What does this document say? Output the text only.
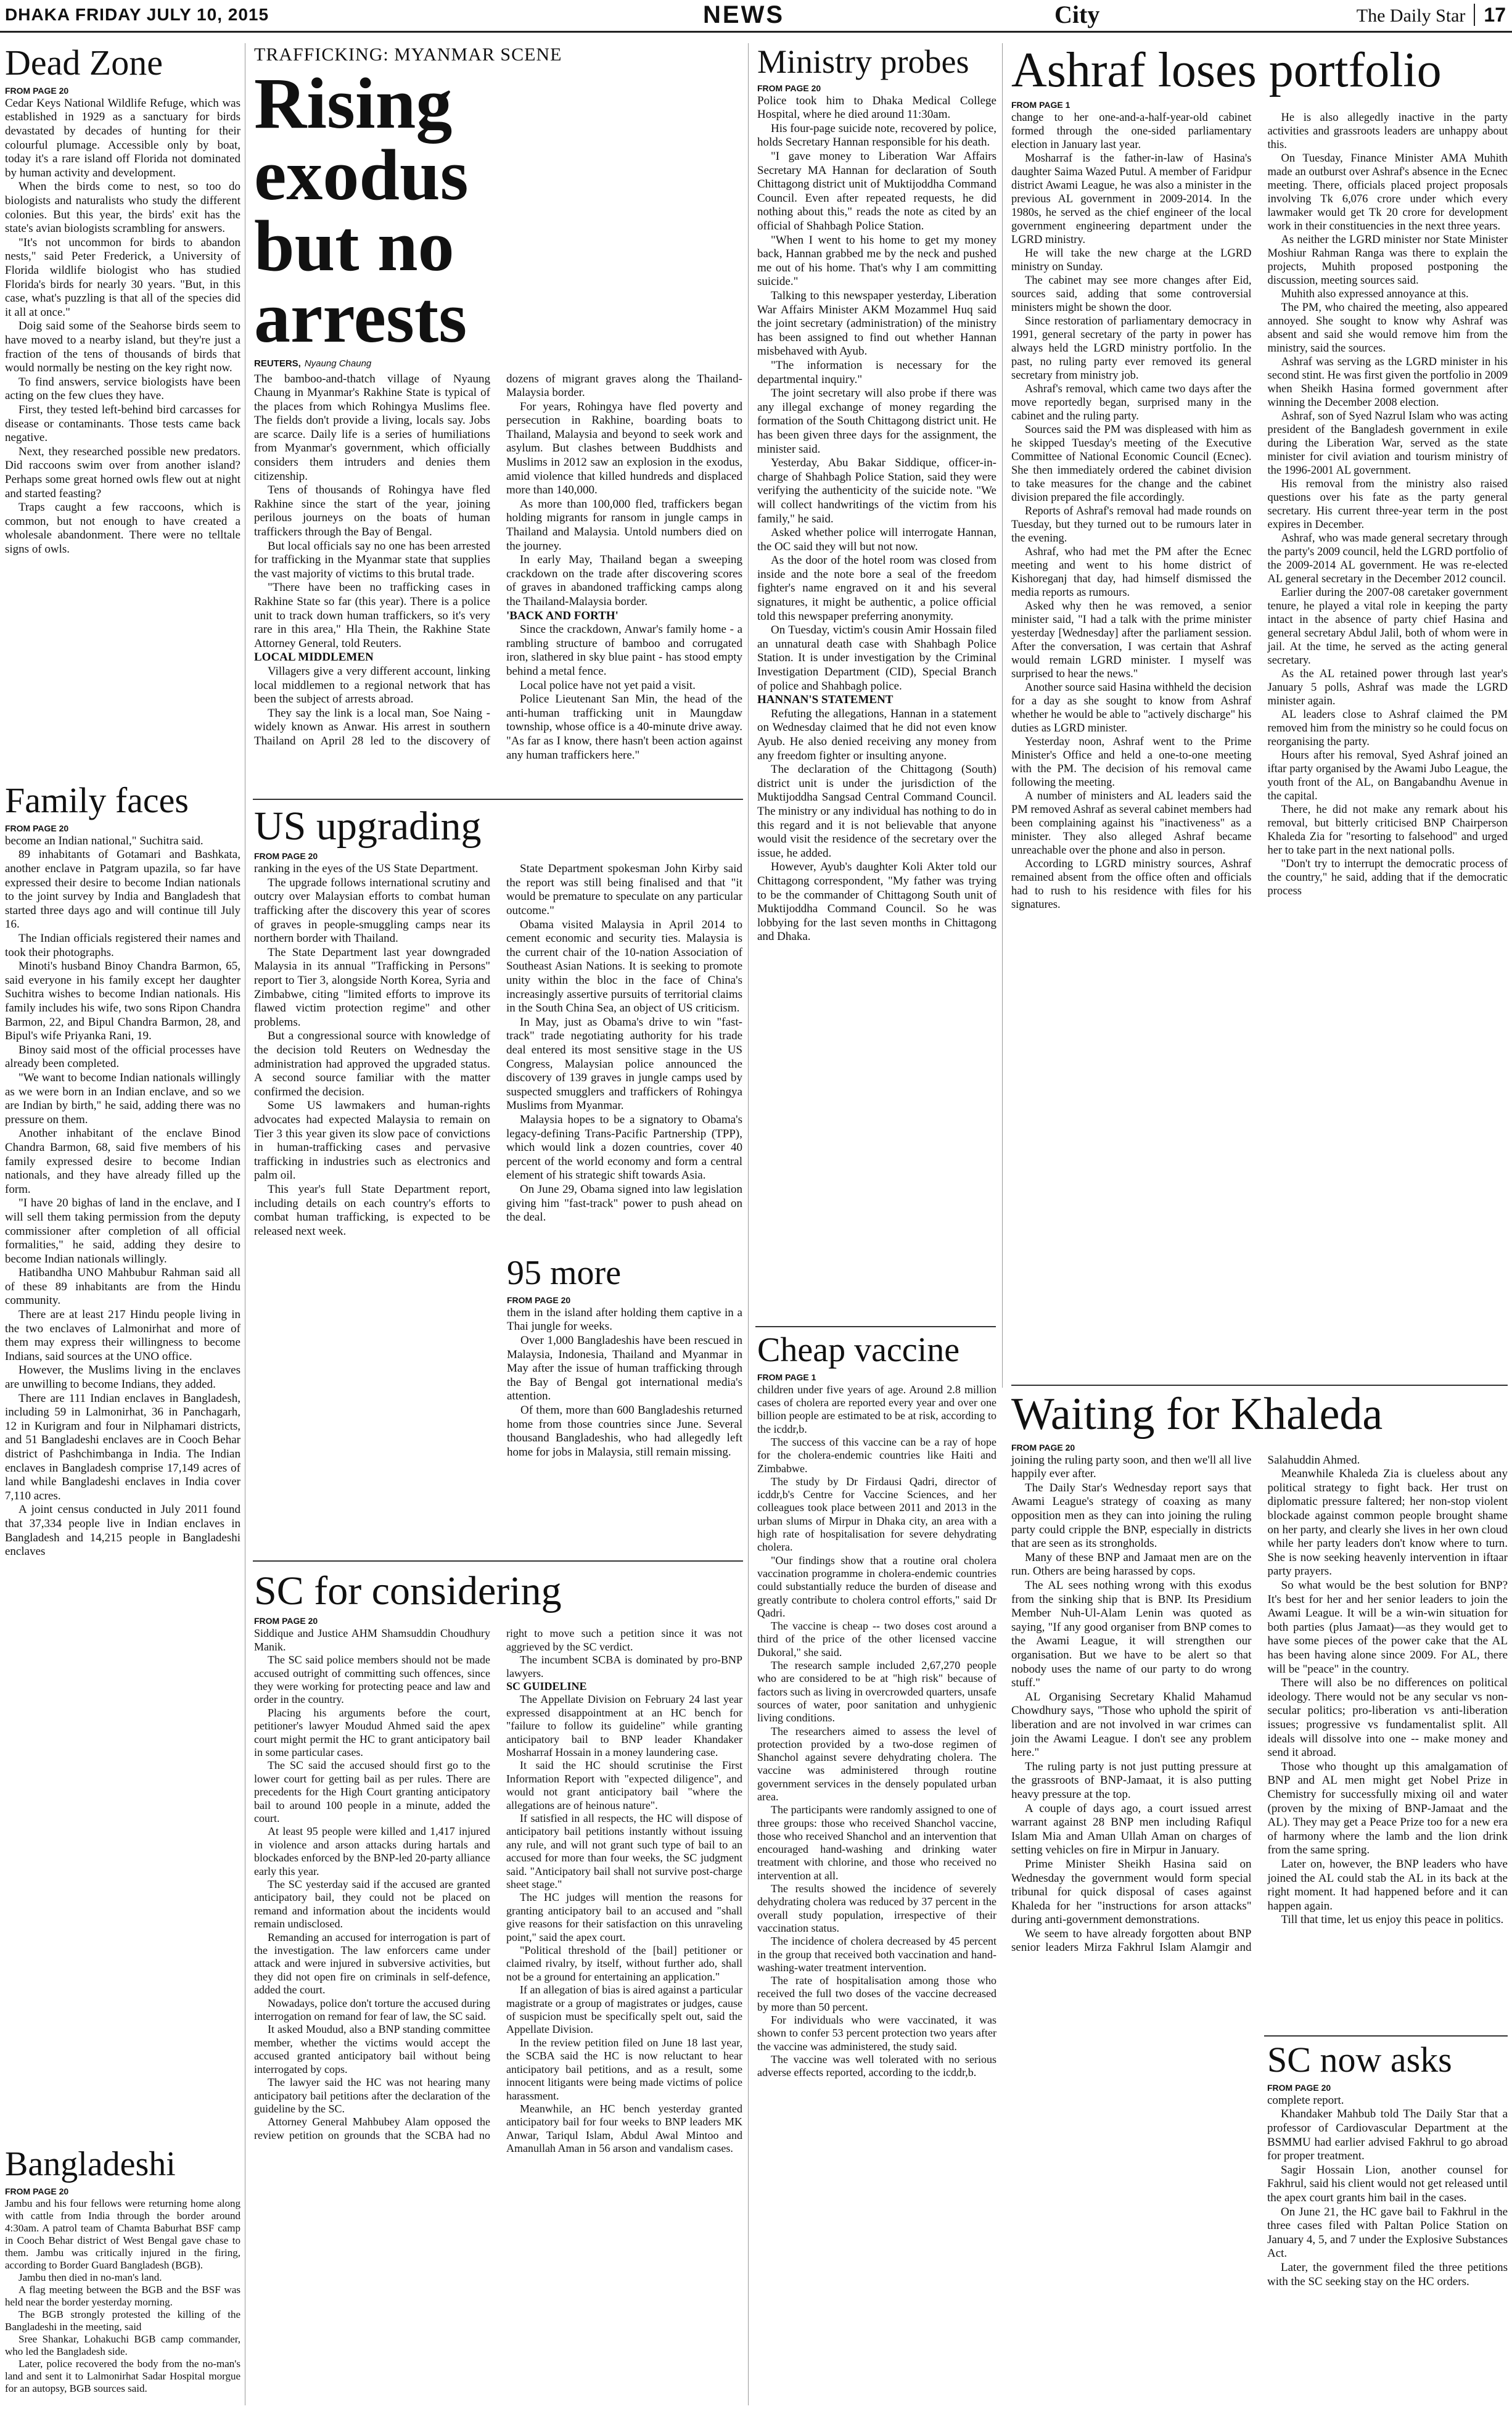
DHAKA FRIDAY JULY 10, 2015	NEWS	City	The Daily Star 17
Dead Zone
FROM PAGE 20

Cedar Keys National Wildlife Refuge, which was established in 1929 as a sanctuary for birds devastated by decades of hunting for their colourful plumage. Accessible only by boat, today it's a rare island off Florida not dominated by human activity and development.

When the birds come to nest, so too do biologists and naturalists who study the different colonies. But this year, the birds' exit has the state's avian biologists scrambling for answers.

"It's not uncommon for birds to abandon nests," said Peter Frederick, a University of Florida wildlife biologist who has studied Florida's birds for nearly 30 years. "But, in this case, what's puzzling is that all of the species did it all at once."

Doig said some of the Seahorse birds seem to have moved to a nearby island, but they're just a fraction of the tens of thousands of birds that would normally be nesting on the key right now.

To find answers, service biologists have been acting on the few clues they have.

First, they tested left-behind bird carcasses for disease or contaminants. Those tests came back negative.

Next, they researched possible new predators. Did raccoons swim over from another island? Perhaps some great horned owls flew out at night and started feasting?

Traps caught a few raccoons, which is common, but not enough to have created a wholesale abandonment. There were no telltale signs of owls.

Family faces
FROM PAGE 20

become an Indian national," Suchitra said.

89 inhabitants of Gotamari and Bashkata, another enclave in Patgram upazila, so far have expressed their desire to become Indian nationals to the joint survey by India and Bangladesh that started three days ago and will continue till July 16.

The Indian officials registered their names and took their photographs.

Minoti's husband Binoy Chandra Barmon, 65, said everyone in his family except her daughter Suchitra wishes to become Indian nationals. His family includes his wife, two sons Ripon Chandra Barmon, 22, and Bipul Chandra Barmon, 28, and Bipul's wife Priyanka Rani, 19.

Binoy said most of the official processes have already been completed.

"We want to become Indian nationals willingly as we were born in an Indian enclave, and so we are Indian by birth," he said, adding there was no pressure on them.

Another inhabitant of the enclave Binod Chandra Barmon, 68, said five members of his family expressed desire to become Indian nationals, and they have already filled up the form.

"I have 20 bighas of land in the enclave, and I will sell them taking permission from the deputy commissioner after completion of all official formalities," he said, adding they desire to become Indian nationals willingly.

Hatibandha UNO Mahbubur Rahman said all of these 89 inhabitants are from the Hindu community.

There are at least 217 Hindu people living in the two enclaves of Lalmonirhat and more of them may express their willingness to become Indians, said sources at the UNO office.

However, the Muslims living in the enclaves are unwilling to become Indians, they added.

There are 111 Indian enclaves in Bangladesh, including 59 in Lalmonirhat, 36 in Panchagarh, 12 in Kurigram and four in Nilphamari districts, and 51 Bangladeshi enclaves are in Cooch Behar district of Pashchimbanga in India. The Indian enclaves in Bangladesh comprise 17,149 acres of land while Bangladeshi enclaves in India cover 7,110 acres.

A joint census conducted in July 2011 found that 37,334 people live in Indian enclaves in Bangladesh and 14,215 people in Bangladeshi enclaves

Bangladeshi
FROM PAGE 20

Jambu and his four fellows were returning home along with cattle from India through the border around 4:30am. A patrol team of Chamta Baburhat BSF camp in Cooch Behar district of West Bengal gave chase to them. Jambu was critically injured in the firing, according to Border Guard Bangladesh (BGB).

Jambu then died in no-man's land.

A flag meeting between the BGB and the BSF was held near the border yesterday morning.

The BGB strongly protested the killing of the Bangladeshi in the meeting, said

Sree Shankar, Lohakuchi BGB camp commander, who led the Bangladesh side.

Later, police recovered the body from the no-man's land and sent it to Lalmonirhat Sadar Hospital morgue for an autopsy, BGB sources said.

TRAFFICKING: MYANMAR SCENE
Rising exodus but no arrests
REUTERS, Nyaung Chaung

The bamboo-and-thatch village of Nyaung Chaung in Myanmar's Rakhine State is typical of the places from which Rohingya Muslims flee. The fields don't provide a living, locals say. Jobs are scarce. Daily life is a series of humiliations from Myanmar's government, which officially considers them intruders and denies them citizenship.

Tens of thousands of Rohingya have fled Rakhine since the start of the year, joining perilous journeys on the boats of human traffickers through the Bay of Bengal.

But local officials say no one has been arrested for trafficking in the Myanmar state that supplies the vast majority of victims to this brutal trade.

"There have been no trafficking cases in Rakhine State so far (this year). There is a police unit to track down human traffickers, so it's very rare in this area," Hla Thein, the Rakhine State Attorney General, told Reuters.

LOCAL MIDDLEMEN

Villagers give a very different account, linking local middlemen to a regional network that has been the subject of arrests abroad.

They say the link is a local man, Soe Naing - widely known as Anwar. His arrest in southern Thailand on April 28 led to the discovery of dozens of migrant graves along the Thailand-Malaysia border.

For years, Rohingya have fled poverty and persecution in Rakhine, boarding boats to Thailand, Malaysia and beyond to seek work and asylum. But clashes between Buddhists and Muslims in 2012 saw an explosion in the exodus, amid violence that killed hundreds and displaced more than 140,000.

As more than 100,000 fled, traffickers began holding migrants for ransom in jungle camps in Thailand and Malaysia. Untold numbers died on the journey.

In early May, Thailand began a sweeping crackdown on the trade after discovering scores of graves in abandoned trafficking camps along the Thailand-Malaysia border.

'BACK AND FORTH'

Since the crackdown, Anwar's family home - a rambling structure of bamboo and corrugated iron, slathered in sky blue paint - has stood empty behind a metal fence.

Local police have not yet paid a visit.

Police Lieutenant San Min, the head of the anti-human trafficking unit in Maungdaw township, whose office is a 40-minute drive away. "As far as I know, there hasn't been action against any human traffickers here."

US upgrading
FROM PAGE 20

ranking in the eyes of the US State Department.

The upgrade follows international scrutiny and outcry over Malaysian efforts to combat human trafficking after the discovery this year of scores of graves in people-smuggling camps near its northern border with Thailand.

The State Department last year downgraded Malaysia in its annual "Trafficking in Persons" report to Tier 3, alongside North Korea, Syria and Zimbabwe, citing "limited efforts to improve its flawed victim protection regime" and other problems.

But a congressional source with knowledge of the decision told Reuters on Wednesday the administration had approved the upgraded status. A second source familiar with the matter confirmed the decision.

Some US lawmakers and human-rights advocates had expected Malaysia to remain on Tier 3 this year given its slow pace of convictions in human-trafficking cases and pervasive trafficking in industries such as electronics and palm oil.

This year's full State Department report, including details on each country's efforts to combat human trafficking, is expected to be released next week.

State Department spokesman John Kirby said the report was still being finalised and that "it would be premature to speculate on any particular outcome."

Obama visited Malaysia in April 2014 to cement economic and security ties. Malaysia is the current chair of the 10-nation Association of Southeast Asian Nations. It is seeking to promote unity within the bloc in the face of China's increasingly assertive pursuits of territorial claims in the South China Sea, an object of US criticism.

In May, just as Obama's drive to win "fast-track" trade negotiating authority for his trade deal entered its most sensitive stage in the US Congress, Malaysian police announced the discovery of 139 graves in jungle camps used by suspected smugglers and traffickers of Rohingya Muslims from Myanmar.

Malaysia hopes to be a signatory to Obama's legacy-defining Trans-Pacific Partnership (TPP), which would link a dozen countries, cover 40 percent of the world economy and form a central element of his strategic shift towards Asia.

On June 29, Obama signed into law legislation giving him "fast-track" power to push ahead on the deal.

95 more
FROM PAGE 20

them in the island after holding them captive in a Thai jungle for weeks.

Over 1,000 Bangladeshis have been rescued in Malaysia, Indonesia, Thailand and Myanmar in May after the issue of human trafficking through the Bay of Bengal got international media's attention.

Of them, more than 600 Bangladeshis returned home from those countries since June. Several thousand Bangladeshis, who had allegedly left home for jobs in Malaysia, still remain missing.

SC for considering
FROM PAGE 20

Siddique and Justice AHM Shamsuddin Choudhury Manik.

The SC said police members should not be made accused outright of committing such offences, since they were working for protecting peace and law and order in the country.

Placing his arguments before the court, petitioner's lawyer Moudud Ahmed said the apex court might permit the HC to grant anticipatory bail in some particular cases.

The SC said the accused should first go to the lower court for getting bail as per rules. There are precedents for the High Court granting anticipatory bail to around 100 people in a minute, added the court.

At least 95 people were killed and 1,417 injured in violence and arson attacks during hartals and blockades enforced by the BNP-led 20-party alliance early this year.

The SC yesterday said if the accused are granted anticipatory bail, they could not be placed on remand and information about the incidents would remain undisclosed.

Remanding an accused for interrogation is part of the investigation. The law enforcers came under attack and were injured in subversive activities, but they did not open fire on criminals in self-defence, added the court.

Nowadays, police don't torture the accused during interrogation on remand for fear of law, the SC said.

It asked Moudud, also a BNP standing committee member, whether the victims would accept the accused granted anticipatory bail without being interrogated by cops.

The lawyer said the HC was not hearing many anticipatory bail petitions after the declaration of the guideline by the SC.

Attorney General Mahbubey Alam opposed the review petition on grounds that the SCBA had no right to move such a petition since it was not aggrieved by the SC verdict.

The incumbent SCBA is dominated by pro-BNP lawyers.

SC GUIDELINE

The Appellate Division on February 24 last year expressed disappointment at an HC bench for "failure to follow its guideline" while granting anticipatory bail to BNP leader Khandaker Mosharraf Hossain in a money laundering case.

It said the HC should scrutinise the First Information Report with "expected diligence", and would not grant anticipatory bail "where the allegations are of heinous nature".

If satisfied in all respects, the HC will dispose of anticipatory bail petitions instantly without issuing any rule, and will not grant such type of bail to an accused for more than four weeks, the SC judgment said. "Anticipatory bail shall not survive post-charge sheet stage."

The HC judges will mention the reasons for granting anticipatory bail to an accused and "shall give reasons for their satisfaction on this unraveling point," said the apex court.

"Political threshold of the [bail] petitioner or claimed rivalry, by itself, without further ado, shall not be a ground for entertaining an application."

If an allegation of bias is aired against a particular magistrate or a group of magistrates or judges, cause of suspicion must be specifically spelt out, said the Appellate Division.

In the review petition filed on June 18 last year, the SCBA said the HC is now reluctant to hear anticipatory bail petitions, and as a result, some innocent litigants were being made victims of police harassment.

Meanwhile, an HC bench yesterday granted anticipatory bail for four weeks to BNP leaders MK Anwar, Tariqul Islam, Abdul Awal Mintoo and Amanullah Aman in 56 arson and vandalism cases.

Ministry probes
FROM PAGE 20

Police took him to Dhaka Medical College Hospital, where he died around 11:30am.

His four-page suicide note, recovered by police, holds Secretary Hannan responsible for his death.

"I gave money to Liberation War Affairs Secretary MA Hannan for declaration of South Chittagong district unit of Muktijoddha Command Council. Even after repeated requests, he did nothing about this," reads the note as cited by an official of Shahbagh Police Station.

"When I went to his home to get my money back, Hannan grabbed me by the neck and pushed me out of his home. That's why I am committing suicide."

Talking to this newspaper yesterday, Liberation War Affairs Minister AKM Mozammel Huq said the joint secretary (administration) of the ministry has been assigned to find out whether Hannan misbehaved with Ayub.

"The information is necessary for the departmental inquiry."

The joint secretary will also probe if there was any illegal exchange of money regarding the formation of the South Chittagong district unit. He has been given three days for the assignment, the minister said.

Yesterday, Abu Bakar Siddique, officer-in-charge of Shahbagh Police Station, said they were verifying the authenticity of the suicide note. "We will collect handwritings of the victim from his family," he said.

Asked whether police will interrogate Hannan, the OC said they will but not now.

As the door of the hotel room was closed from inside and the note bore a seal of the freedom fighter's name engraved on it and his several signatures, it might be authentic, a police official told this newspaper preferring anonymity.

On Tuesday, victim's cousin Amir Hossain filed an unnatural death case with Shahbagh Police Station. It is under investigation by the Criminal Investigation Department (CID), Special Branch of police and Shahbagh police.

HANNAN'S STATEMENT

Refuting the allegations, Hannan in a statement on Wednesday claimed that he did not even know Ayub. He also denied receiving any money from any freedom fighter or insulting anyone.

The declaration of the Chittagong (South) district unit is under the jurisdiction of the Muktijoddha Sangsad Central Command Council. The ministry or any individual has nothing to do in this regard and it is not believable that anyone would visit the residence of the secretary over the issue, he added.

However, Ayub's daughter Koli Akter told our Chittagong correspondent, "My father was trying to be the commander of Chittagong South unit of Muktijoddha Command Council. So he was lobbying for the last seven months in Chittagong and Dhaka.

Cheap vaccine
FROM PAGE 1

children under five years of age. Around 2.8 million cases of cholera are reported every year and over one billion people are estimated to be at risk, according to the icddr,b.

The success of this vaccine can be a ray of hope for the cholera-endemic countries like Haiti and Zimbabwe.

The study by Dr Firdausi Qadri, director of icddr,b's Centre for Vaccine Sciences, and her colleagues took place between 2011 and 2013 in the urban slums of Mirpur in Dhaka city, an area with a high rate of hospitalisation for severe dehydrating cholera.

"Our findings show that a routine oral cholera vaccination programme in cholera-endemic countries could substantially reduce the burden of disease and greatly contribute to cholera control efforts," said Dr Qadri.

The vaccine is cheap -- two doses cost around a third of the price of the other licensed vaccine Dukoral," she said.

The research sample included 2,67,270 people who are considered to be at "high risk" because of factors such as living in overcrowded quarters, unsafe sources of water, poor sanitation and unhygienic living conditions.

The researchers aimed to assess the level of protection provided by a two-dose regimen of Shanchol against severe dehydrating cholera. The vaccine was administered through routine government services in the densely populated urban area.

The participants were randomly assigned to one of three groups: those who received Shanchol vaccine, those who received Shanchol and an intervention that encouraged hand-washing and drinking water treatment with chlorine, and those who received no intervention at all.

The results showed the incidence of severely dehydrating cholera was reduced by 37 percent in the overall study population, irrespective of their vaccination status.

The incidence of cholera decreased by 45 percent in the group that received both vaccination and hand-washing-water treatment intervention.

The rate of hospitalisation among those who received the full two doses of the vaccine decreased by more than 50 percent.

For individuals who were vaccinated, it was shown to confer 53 percent protection two years after the vaccine was administered, the study said.

The vaccine was well tolerated with no serious adverse effects reported, according to the icddr,b.

Ashraf loses portfolio
FROM PAGE 1

change to her one-and-a-half-year-old cabinet formed through the one-sided parliamentary election in January last year.

Mosharraf is the father-in-law of Hasina's daughter Saima Wazed Putul. A member of Faridpur district Awami League, he was also a minister in the previous AL government in 2009-2014. In the 1980s, he served as the chief engineer of the local government engineering department under the LGRD ministry.

He will take the new charge at the LGRD ministry on Sunday.

The cabinet may see more changes after Eid, sources said, adding that some controversial ministers might be shown the door.

Since restoration of parliamentary democracy in 1991, general secretary of the party in power has always held the LGRD ministry portfolio. In the past, no ruling party ever removed its general secretary from ministry job.

Ashraf's removal, which came two days after the move reportedly began, surprised many in the cabinet and the ruling party.

Sources said the PM was displeased with him as he skipped Tuesday's meeting of the Executive Committee of National Economic Council (Ecnec). She then immediately ordered the cabinet division to take measures for the change and the cabinet division prepared the file accordingly.

Reports of Ashraf's removal had made rounds on Tuesday, but they turned out to be rumours later in the evening.

Ashraf, who had met the PM after the Ecnec meeting and went to his home district of Kishoreganj that day, had himself dismissed the media reports as rumours.

Asked why then he was removed, a senior minister said, "I had a talk with the prime minister yesterday [Wednesday] after the parliament session. After the conversation, I was certain that Ashraf would remain LGRD minister. I myself was surprised to hear the news."

Another source said Hasina withheld the decision for a day as she sought to know from Ashraf whether he would be able to "actively discharge" his duties as LGRD minister.

Yesterday noon, Ashraf went to the Prime Minister's Office and held a one-to-one meeting with the PM. The decision of his removal came following the meeting.

A number of ministers and AL leaders said the PM removed Ashraf as several cabinet members had been complaining against his "inactiveness" as a minister. They also alleged Ashraf became unreachable over the phone and also in person.

According to LGRD ministry sources, Ashraf remained absent from the office often and officials had to rush to his residence with files for his signatures.

He is also allegedly inactive in the party activities and grassroots leaders are unhappy about this.

On Tuesday, Finance Minister AMA Muhith made an outburst over Ashraf's absence in the Ecnec meeting. There, officials placed project proposals involving Tk 6,076 crore under which every lawmaker would get Tk 20 crore for development work in their constituencies in the next three years.

As neither the LGRD minister nor State Minister Moshiur Rahman Ranga was there to explain the projects, Muhith proposed postponing the discussion, meeting sources said.

Muhith also expressed annoyance at this.

The PM, who chaired the meeting, also appeared annoyed. She sought to know why Ashraf was absent and said she would remove him from the ministry, said the sources.

Ashraf was serving as the LGRD minister in his second stint. He was first given the portfolio in 2009 when Sheikh Hasina formed government after winning the December 2008 election.

Ashraf, son of Syed Nazrul Islam who was acting president of the Bangladesh government in exile during the Liberation War, served as the state minister for civil aviation and tourism ministry of the 1996-2001 AL government.

His removal from the ministry also raised questions over his fate as the party general secretary. His current three-year term in the post expires in December.

Ashraf, who was made general secretary through the party's 2009 council, held the LGRD portfolio of the 2009-2014 AL government. He was re-elected AL general secretary in the December 2012 council.

Earlier during the 2007-08 caretaker government tenure, he played a vital role in keeping the party intact in the absence of party chief Hasina and general secretary Abdul Jalil, both of whom were in jail. At the time, he served as the acting general secretary.

As the AL retained power through last year's January 5 polls, Ashraf was made the LGRD minister again.

AL leaders close to Ashraf claimed the PM removed him from the ministry so he could focus on reorganising the party.

Hours after his removal, Syed Ashraf joined an iftar party organised by the Awami Jubo League, the youth front of the AL, on Bangabandhu Avenue in the capital.

There, he did not make any remark about his removal, but bitterly criticised BNP Chairperson Khaleda Zia for "resorting to falsehood" and urged her to take part in the next national polls.

"Don't try to interrupt the democratic process of the country," he said, adding that if the democratic process

Waiting for Khaleda
FROM PAGE 20

joining the ruling party soon, and then we'll all live happily ever after.

The Daily Star's Wednesday report says that Awami League's strategy of coaxing as many opposition men as they can into joining the ruling party could cripple the BNP, especially in districts that are seen as its strongholds.

Many of these BNP and Jamaat men are on the run. Others are being harassed by cops.

The AL sees nothing wrong with this exodus from the sinking ship that is BNP. Its Presidium Member Nuh-Ul-Alam Lenin was quoted as saying, "If any good organiser from BNP comes to the Awami League, it will strengthen our organisation. But we have to be alert so that nobody uses the name of our party to do wrong stuff."

AL Organising Secretary Khalid Mahamud Chowdhury says, "Those who uphold the spirit of liberation and are not involved in war crimes can join the Awami League. I don't see any problem here."

The ruling party is not just putting pressure at the grassroots of BNP-Jamaat, it is also putting heavy pressure at the top.

A couple of days ago, a court issued arrest warrant against 28 BNP men including Rafiqul Islam Mia and Aman Ullah Aman on charges of setting vehicles on fire in Mirpur in January.

Prime Minister Sheikh Hasina said on Wednesday the government would form special tribunal for quick disposal of cases against Khaleda for her "instructions for arson attacks" during anti-government demonstrations.

We seem to have already forgotten about BNP senior leaders Mirza Fakhrul Islam Alamgir and Salahuddin Ahmed.

Meanwhile Khaleda Zia is clueless about any political strategy to fight back. Her trust on diplomatic pressure faltered; her non-stop violent blockade against common people brought shame on her party, and clearly she lives in her own cloud while her party leaders don't know where to turn. She is now seeking heavenly intervention in iftaar party prayers.

So what would be the best solution for BNP? It's best for her and her senior leaders to join the Awami League. It will be a win-win situation for both parties (plus Jamaat)—as they would get to have some pieces of the power cake that the AL has been having alone since 2009. For AL, there will be "peace" in the country.

There will also be no differences on political ideology. There would not be any secular vs non-secular politics; pro-liberation vs anti-liberation issues; progressive vs fundamentalist split. All ideals will dissolve into one -- make money and send it abroad.

Those who thought up this amalgamation of BNP and AL men might get Nobel Prize in Chemistry for successfully mixing oil and water (proven by the mixing of BNP-Jamaat and the AL). They may get a Peace Prize too for a new era of harmony where the lamb and the lion drink from the same spring.

Later on, however, the BNP leaders who have joined the AL could stab the AL in its back at the right moment. It had happened before and it can happen again.

Till that time, let us enjoy this peace in politics.

SC now asks
FROM PAGE 20

complete report.

Khandaker Mahbub told The Daily Star that a professor of Cardiovascular Department at the BSMMU had earlier advised Fakhrul to go abroad for proper treatment.

Sagir Hossain Lion, another counsel for Fakhrul, said his client would not get released until the apex court grants him bail in the cases.

On June 21, the HC gave bail to Fakhrul in the three cases filed with Paltan Police Station on January 4, 5, and 7 under the Explosive Substances Act.

Later, the government filed the three petitions with the SC seeking stay on the HC orders.
